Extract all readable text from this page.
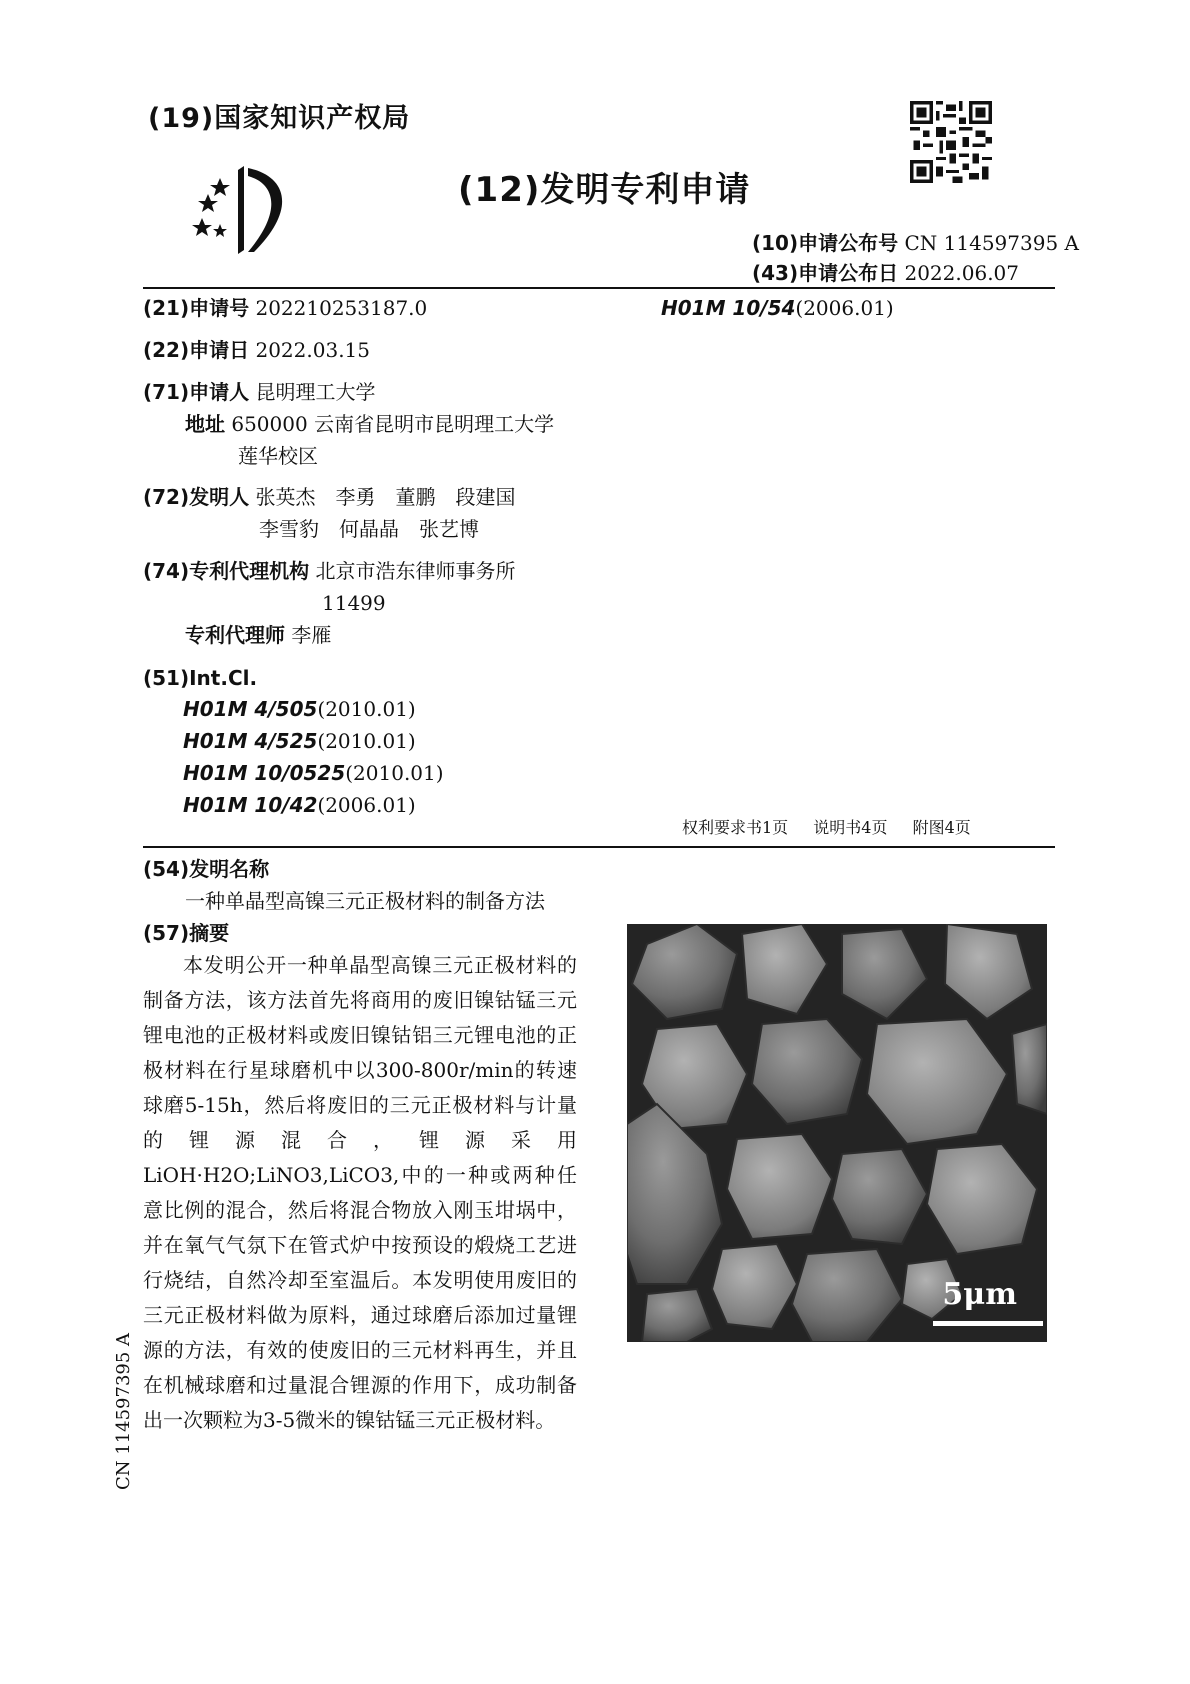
(19)国家知识产权局
(12)发明专利申请
(10)申请公布号 CN 114597395 A
(43)申请公布日 2022.06.07
(21)申请号 202210253187.0	H01M 10/54(2006.01)
(22)申请日 2022.03.15
(71)申请人 昆明理工大学
地址 650000 云南省昆明市昆明理工大学
莲华校区
(72)发明人 张英杰　李勇　董鹏　段建国
李雪豹　何晶晶　张艺博
(74)专利代理机构 北京市浩东律师事务所
11499
专利代理师 李雁
(51)Int.Cl.
H01M 4/505(2010.01)
H01M 4/525(2010.01)
H01M 10/0525(2010.01)
H01M 10/42(2006.01)
权利要求书1页 说明书4页 附图4页
(54)发明名称
一种单晶型高镍三元正极材料的制备方法
(57)摘要
本发明公开一种单晶型高镍三元正极材料的制备方法，该方法首先将商用的废旧镍钴锰三元锂电池的正极材料或废旧镍钴铝三元锂电池的正极材料在行星球磨机中以300-800r/min的转速球磨5-15h，然后将废旧的三元正极材料与计量的锂源混合，锂源采用LiOH·H2O;LiNO3,LiCO3,中的一种或两种任意比例的混合，然后将混合物放入刚玉坩埚中，并在氧气气氛下在管式炉中按预设的煅烧工艺进行烧结，自然冷却至室温后。本发明使用废旧的三元正极材料做为原料，通过球磨后添加过量锂源的方法，有效的使废旧的三元材料再生，并且在机械球磨和过量混合锂源的作用下，成功制备出一次颗粒为3-5微米的镍钴锰三元正极材料。
5μm
CN 114597395 A
